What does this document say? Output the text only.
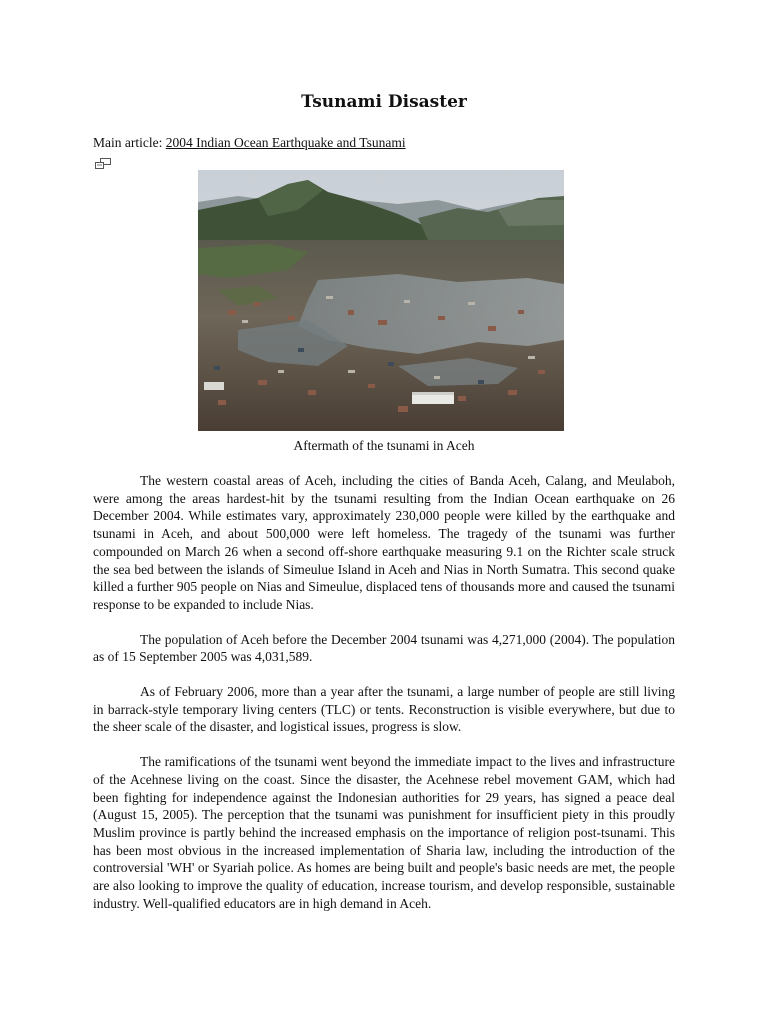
Tsunami Disaster
Main article: 2004 Indian Ocean Earthquake and Tsunami
Aftermath of the tsunami in Aceh

The western coastal areas of Aceh, including the cities of Banda Aceh, Calang, and Meulaboh, were among the areas hardest-hit by the tsunami resulting from the Indian Ocean earthquake on 26 December 2004. While estimates vary, approximately 230,000 people were killed by the earthquake and tsunami in Aceh, and about 500,000 were left homeless. The tragedy of the tsunami was further compounded on March 26 when a second off-shore earthquake measuring 9.1 on the Richter scale struck the sea bed between the islands of Simeulue Island in Aceh and Nias in North Sumatra. This second quake killed a further 905 people on Nias and Simeulue, displaced tens of thousands more and caused the tsunami response to be expanded to include Nias.

The population of Aceh before the December 2004 tsunami was 4,271,000 (2004). The population as of 15 September 2005 was 4,031,589.

As of February 2006, more than a year after the tsunami, a large number of people are still living in barrack-style temporary living centers (TLC) or tents. Reconstruction is visible everywhere, but due to the sheer scale of the disaster, and logistical issues, progress is slow.

The ramifications of the tsunami went beyond the immediate impact to the lives and infrastructure of the Acehnese living on the coast. Since the disaster, the Acehnese rebel movement GAM, which had been fighting for independence against the Indonesian authorities for 29 years, has signed a peace deal (August 15, 2005). The perception that the tsunami was punishment for insufficient piety in this proudly Muslim province is partly behind the increased emphasis on the importance of religion post-tsunami. This has been most obvious in the increased implementation of Sharia law, including the introduction of the controversial 'WH' or Syariah police. As homes are being built and people's basic needs are met, the people are also looking to improve the quality of education, increase tourism, and develop responsible, sustainable industry. Well-qualified educators are in high demand in Aceh.
